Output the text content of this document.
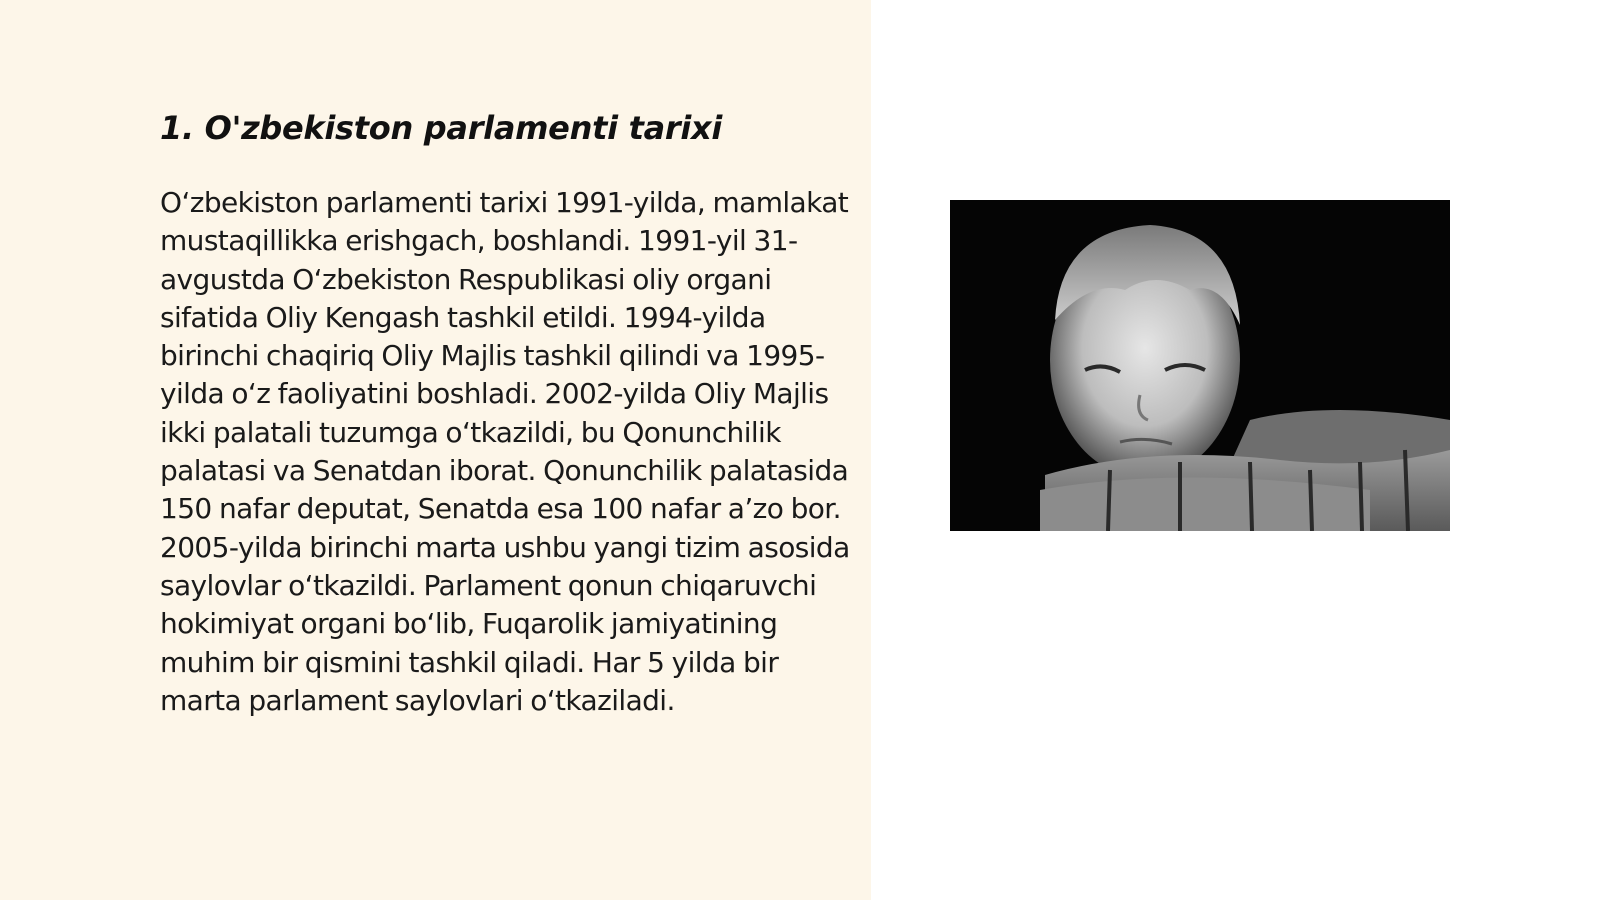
1. O'zbekiston parlamenti tarixi

O‘zbekiston parlamenti tarixi 1991-yilda, mamlakat mustaqillikka erishgach, boshlandi. 1991-yil 31-avgustda O‘zbekiston Respublikasi oliy organi sifatida Oliy Kengash tashkil etildi. 1994-yilda birinchi chaqiriq Oliy Majlis tashkil qilindi va 1995-yilda o‘z faoliyatini boshladi. 2002-yilda Oliy Majlis ikki palatali tuzumga o‘tkazildi, bu Qonunchilik palatasi va Senatdan iborat. Qonunchilik palatasida 150 nafar deputat, Senatda esa 100 nafar a’zo bor. 2005-yilda birinchi marta ushbu yangi tizim asosida saylovlar o‘tkazildi. Parlament qonun chiqaruvchi hokimiyat organi bo‘lib, Fuqarolik jamiyatining muhim bir qismini tashkil qiladi. Har 5 yilda bir marta parlament saylovlari o‘tkaziladi.
